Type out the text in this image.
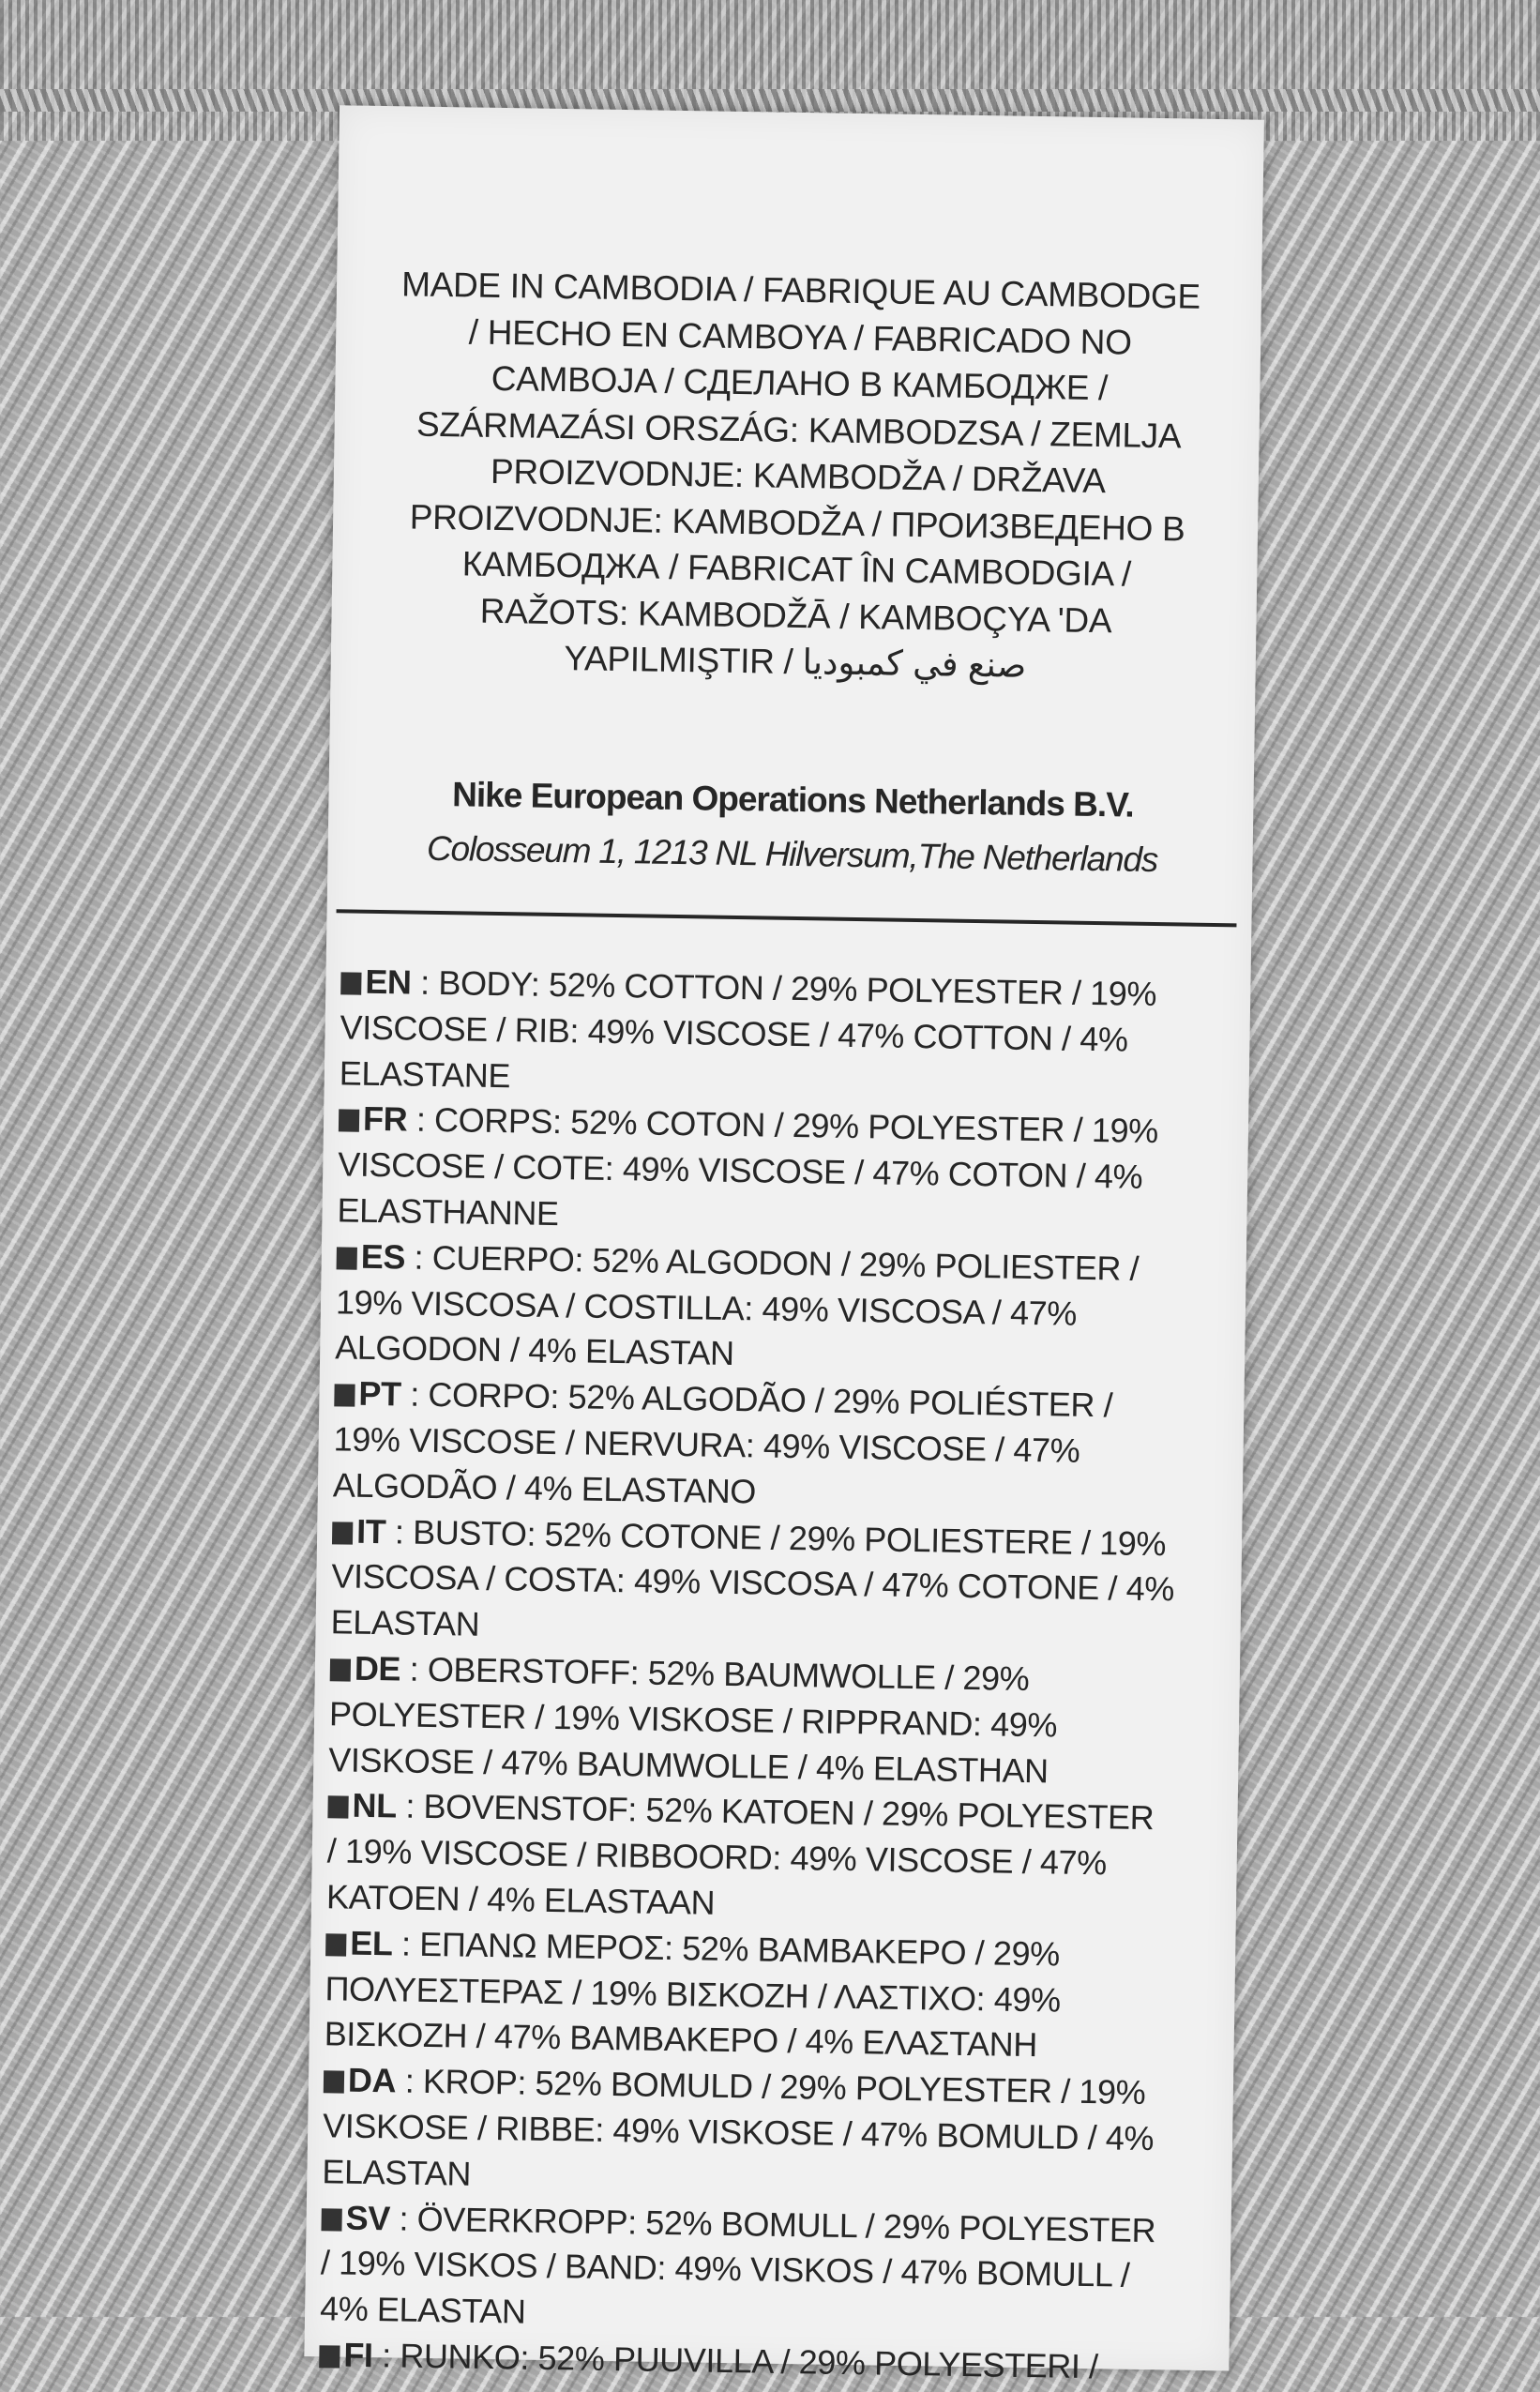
MADE IN CAMBODIA / FABRIQUE AU CAMBODGE
/ HECHO EN CAMBOYA / FABRICADO NO
CAMBOJA / СДЕЛАНО В КАМБОДЖЕ /
SZÁRMAZÁSI ORSZÁG: KAMBODZSA / ZEMLJA
PROIZVODNJE: KAMBODŽA / DRŽAVA
PROIZVODNJE: KAMBODŽA / ПРОИЗВЕДЕНО В
КАМБОДЖА / FABRICAT ÎN CAMBODGIA /
RAŽOTS: KAMBODŽĀ / KAMBOÇYA 'DA
YAPILMIŞTIR / صنع في كمبوديا
Nike European Operations Netherlands B.V.
Colosseum 1, 1213 NL Hilversum,The Netherlands
EN : BODY: 52% COTTON / 29% POLYESTER / 19%
VISCOSE / RIB: 49% VISCOSE / 47% COTTON / 4%
ELASTANE
FR : CORPS: 52% COTON / 29% POLYESTER / 19%
VISCOSE / COTE: 49% VISCOSE / 47% COTON / 4%
ELASTHANNE
ES : CUERPO: 52% ALGODON / 29% POLIESTER /
19% VISCOSA / COSTILLA: 49% VISCOSA / 47%
ALGODON / 4% ELASTAN
PT : CORPO: 52% ALGODÃO / 29% POLIÉSTER /
19% VISCOSE / NERVURA: 49% VISCOSE / 47%
ALGODÃO / 4% ELASTANO
IT : BUSTO: 52% COTONE / 29% POLIESTERE / 19%
VISCOSA / COSTA: 49% VISCOSA / 47% COTONE / 4%
ELASTAN
DE : OBERSTOFF: 52% BAUMWOLLE / 29%
POLYESTER / 19% VISKOSE / RIPPRAND: 49%
VISKOSE / 47% BAUMWOLLE / 4% ELASTHAN
NL : BOVENSTOF: 52% KATOEN / 29% POLYESTER
/ 19% VISCOSE / RIBBOORD: 49% VISCOSE / 47%
KATOEN / 4% ELASTAAN
EL : ΕΠΑΝΩ ΜΕΡΟΣ: 52% ΒΑΜΒΑΚΕΡΟ / 29%
ΠΟΛΥΕΣΤΕΡΑΣ / 19% ΒΙΣΚΟΖΗ / ΛΑΣΤΙΧΟ: 49%
ΒΙΣΚΟΖΗ / 47% ΒΑΜΒΑΚΕΡΟ / 4% ΕΛΑΣΤΑΝΗ
DA : KROP: 52% BOMULD / 29% POLYESTER / 19%
VISKOSE / RIBBE: 49% VISKOSE / 47% BOMULD / 4%
ELASTAN
SV : ÖVERKROPP: 52% BOMULL / 29% POLYESTER
/ 19% VISKOS / BAND: 49% VISKOS / 47% BOMULL /
4% ELASTAN
FI : RUNKO: 52% PUUVILLA / 29% POLYESTERI /
